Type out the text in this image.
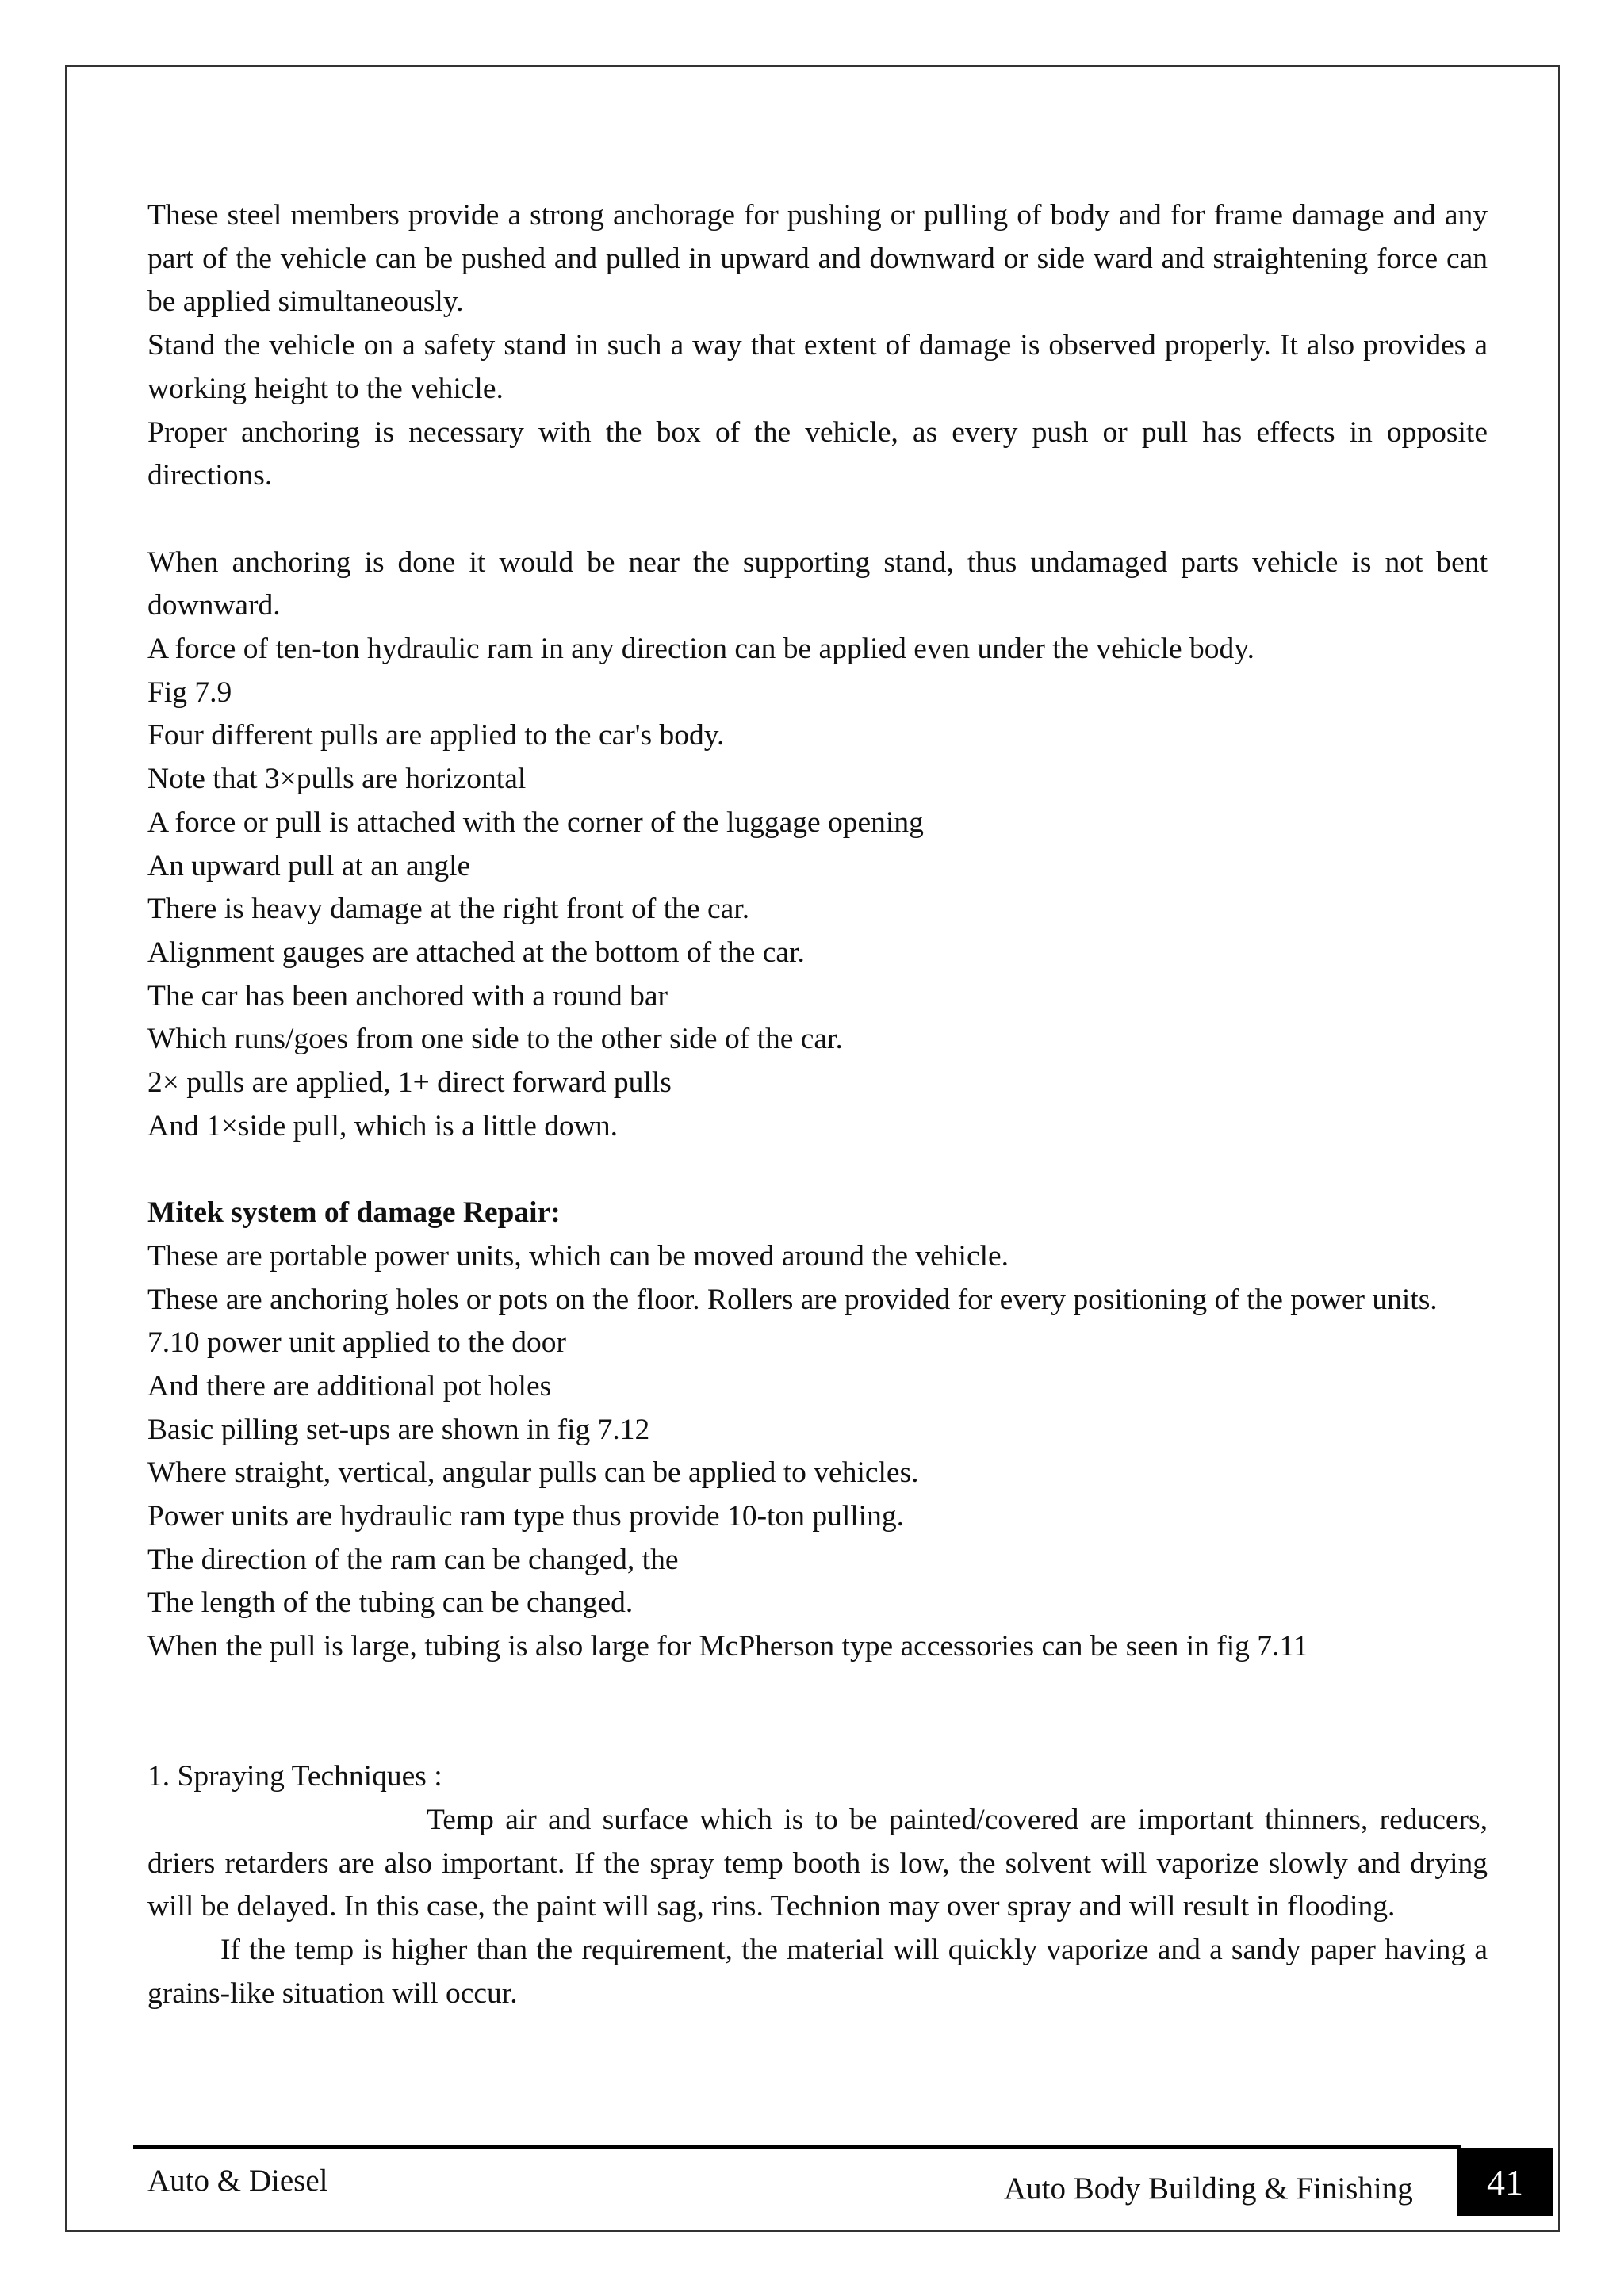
These steel members provide a strong anchorage for pushing or pulling of body and for frame damage and any part of the vehicle can be pushed and pulled in upward and downward or side ward and straightening force can be applied simultaneously.

Stand the vehicle on a safety stand in such a way that extent of damage is observed properly. It also provides a working height to the vehicle.

Proper anchoring is necessary with the box of the vehicle, as every push or pull has effects in opposite directions.

When anchoring is done it would be near the supporting stand, thus undamaged parts vehicle is not bent downward.

A force of ten-ton hydraulic ram in any direction can be applied even under the vehicle body.

Fig 7.9

Four different pulls are applied to the car's body.

Note that 3×pulls are horizontal

A force or pull is attached with the corner of the luggage opening

An upward pull at an angle

There is heavy damage at the right front of the car.

Alignment gauges are attached at the bottom of the car.

The car has been anchored with a round bar

Which runs/goes from one side to the other side of the car.

2× pulls are applied, 1+ direct forward pulls

And 1×side pull, which is a little down.

Mitek system of damage Repair:

These are portable power units, which can be moved around the vehicle.

These are anchoring holes or pots on the floor. Rollers are provided for every positioning of the power units.

7.10 power unit applied to the door

And there are additional pot holes

Basic pilling set-ups are shown in fig 7.12

Where straight, vertical, angular pulls can be applied to vehicles.

Power units are hydraulic ram type thus provide 10-ton pulling.

The direction of the ram can be changed, the

The length of the tubing can be changed.

When the pull is large, tubing is also large for McPherson type accessories can be seen in fig 7.11

1. Spraying Techniques :

Temp air and surface which is to be painted/covered are important thinners, reducers, driers retarders are also important. If the spray temp booth is low, the solvent will vaporize slowly and drying will be delayed. In this case, the paint will sag, rins. Technion may over spray and will result in flooding.

If the temp is higher than the requirement, the material will quickly vaporize and a sandy paper having a grains-like situation will occur.

Auto & Diesel	Auto Body Building & Finishing	41
